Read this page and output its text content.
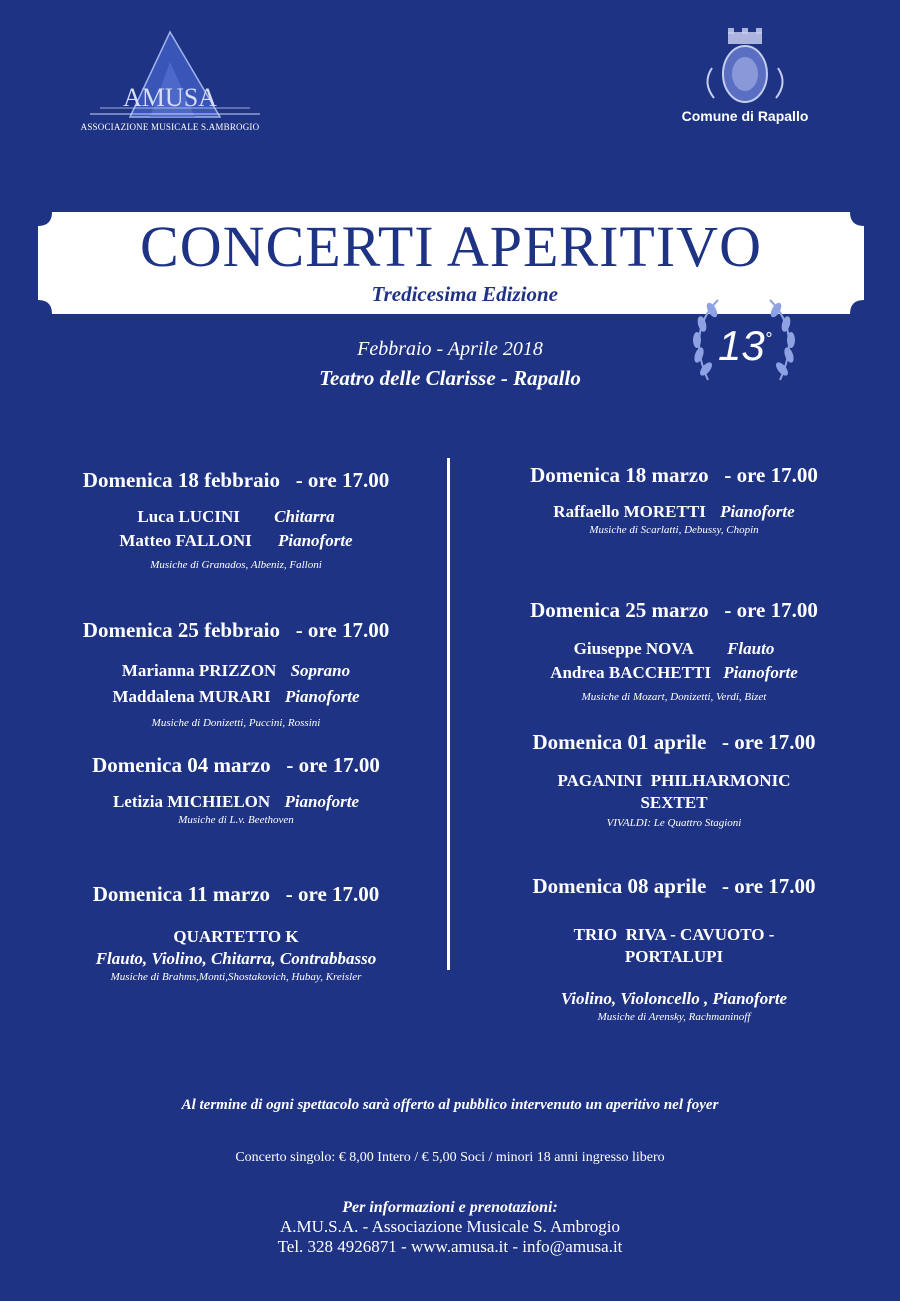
AMUSA
ASSOCIAZIONE MUSICALE S.AMBROGIO
Comune di Rapallo
CONCERTI APERITIVO
Tredicesima Edizione
13°
Febbraio - Aprile 2018
Teatro delle Clarisse - Rapallo
Domenica 18 febbraio   - ore 17.00
Luca LUCINI Chitarra
Matteo FALLONI Pianoforte
Musiche di Granados, Albeniz, Falloni
Domenica 25 febbraio   - ore 17.00
Marianna PRIZZON Soprano
Maddalena MURARI Pianoforte
Musiche di Donizetti, Puccini, Rossini
Domenica 04 marzo   - ore 17.00
Letizia MICHIELON Pianoforte
Musiche di L.v. Beethoven
Domenica 11 marzo   - ore 17.00
QUARTETTO K
Flauto, Violino, Chitarra, Contrabbasso
Musiche di Brahms,Monti,Shostakovich, Hubay, Kreisler
Domenica 18 marzo   - ore 17.00
Raffaello MORETTI Pianoforte
Musiche di Scarlatti, Debussy, Chopin
Domenica 25 marzo   - ore 17.00
Giuseppe NOVA Flauto
Andrea BACCHETTI Pianoforte
Musiche di Mozart, Donizetti, Verdi, Bizet
Domenica 01 aprile   - ore 17.00
PAGANINI  PHILHARMONIC
SEXTET
VIVALDI: Le Quattro Stagioni
Domenica 08 aprile   - ore 17.00
TRIO  RIVA - CAVUOTO -
PORTALUPI
Violino, Violoncello , Pianoforte
Musiche di Arensky, Rachmaninoff
Al termine di ogni spettacolo sarà offerto al pubblico intervenuto un aperitivo nel foyer
Concerto singolo: € 8,00 Intero / € 5,00 Soci / minori 18 anni ingresso libero
Per informazioni e prenotazioni:
A.MU.S.A. - Associazione Musicale S. Ambrogio
Tel. 328 4926871 - www.amusa.it - info@amusa.it
